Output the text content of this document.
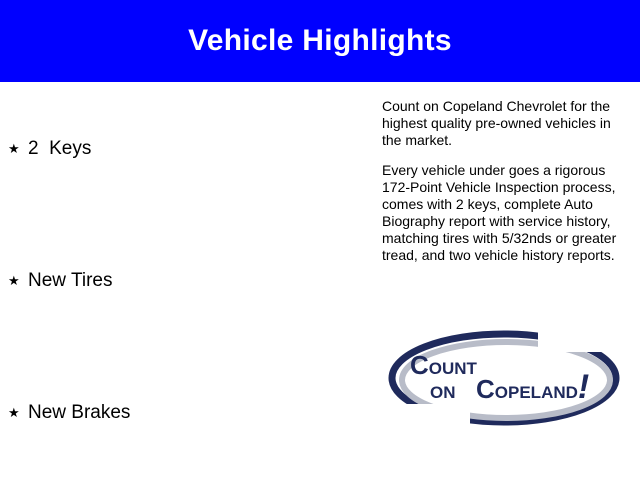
Vehicle Highlights
★ 2  Keys
★ New Tires
★ New Brakes

Count on Copeland Chevrolet for the highest quality pre-owned vehicles in the market.

Every vehicle under goes a rigorous 172-Point Vehicle Inspection process, comes with 2 keys, complete Auto Biography report with service history, matching tires with 5/32nds or greater tread, and two vehicle history reports.

COUNT
ON COPELAND!
